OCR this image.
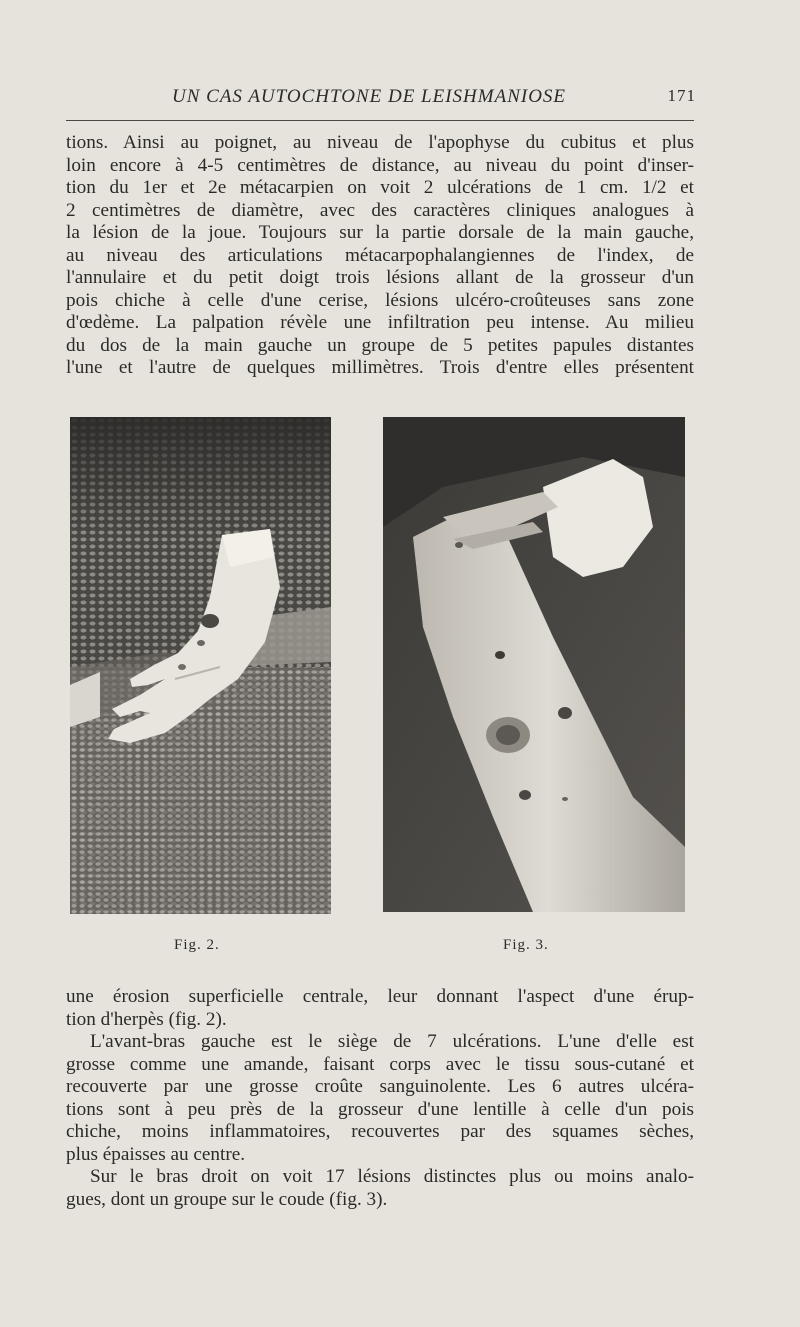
UN CAS AUTOCHTONE DE LEISHMANIOSE	171
tions. Ainsi au poignet, au niveau de l'apophyse du cubitus et plus
loin encore à 4-5 centimètres de distance, au niveau du point d'inser-
tion du 1er et 2e métacarpien on voit 2 ulcérations de 1 cm. 1/2 et
2 centimètres de diamètre, avec des caractères cliniques analogues à
la lésion de la joue. Toujours sur la partie dorsale de la main gauche,
au niveau des articulations métacarpophalangiennes de l'index, de
l'annulaire et du petit doigt trois lésions allant de la grosseur d'un
pois chiche à celle d'une cerise, lésions ulcéro-croûteuses sans zone
d'œdème. La palpation révèle une infiltration peu intense. Au milieu
du dos de la main gauche un groupe de 5 petites papules distantes
l'une et l'autre de quelques millimètres. Trois d'entre elles présentent
Fig. 2.	Fig. 3.
une érosion superficielle centrale, leur donnant l'aspect d'une érup-
tion d'herpès (fig. 2).
L'avant-bras gauche est le siège de 7 ulcérations. L'une d'elle est
grosse comme une amande, faisant corps avec le tissu sous-cutané et
recouverte par une grosse croûte sanguinolente. Les 6 autres ulcéra-
tions sont à peu près de la grosseur d'une lentille à celle d'un pois
chiche, moins inflammatoires, recouvertes par des squames sèches,
plus épaisses au centre.
Sur le bras droit on voit 17 lésions distinctes plus ou moins analo-
gues, dont un groupe sur le coude (fig. 3).
